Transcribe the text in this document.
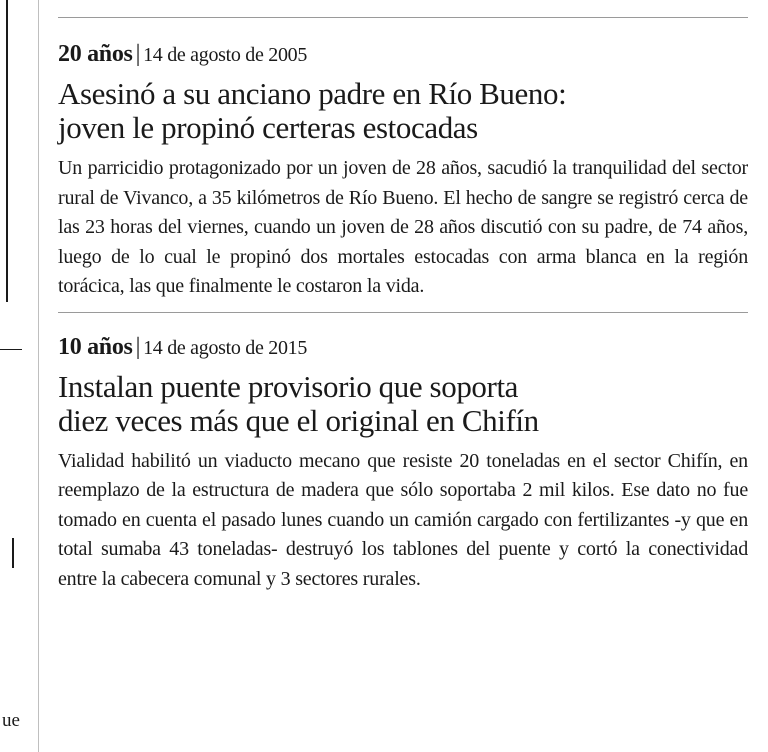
ue
20 años | 14 de agosto de 2005
Asesinó a su anciano padre en Río Bueno:
joven le propinó certeras estocadas
Un parricidio protagonizado por un joven de 28 años, sacudió la tranquilidad del sector rural de Vivanco, a 35 kilómetros de Río Bueno. El hecho de sangre se registró cerca de las 23 horas del viernes, cuando un joven de 28 años discutió con su padre, de 74 años, luego de lo cual le propinó dos mortales estocadas con arma blanca en la región torácica, las que finalmente le costaron la vida.
10 años | 14 de agosto de 2015
Instalan puente provisorio que soporta
diez veces más que el original en Chifín
Vialidad habilitó un viaducto mecano que resiste 20 toneladas en el sector Chifín, en reemplazo de la estructura de madera que sólo soportaba 2 mil kilos. Ese dato no fue tomado en cuenta el pasado lunes cuando un camión cargado con fertilizantes -y que en total sumaba 43 toneladas- destruyó los tablones del puente y cortó la conectividad entre la cabecera comunal y 3 sectores rurales.
